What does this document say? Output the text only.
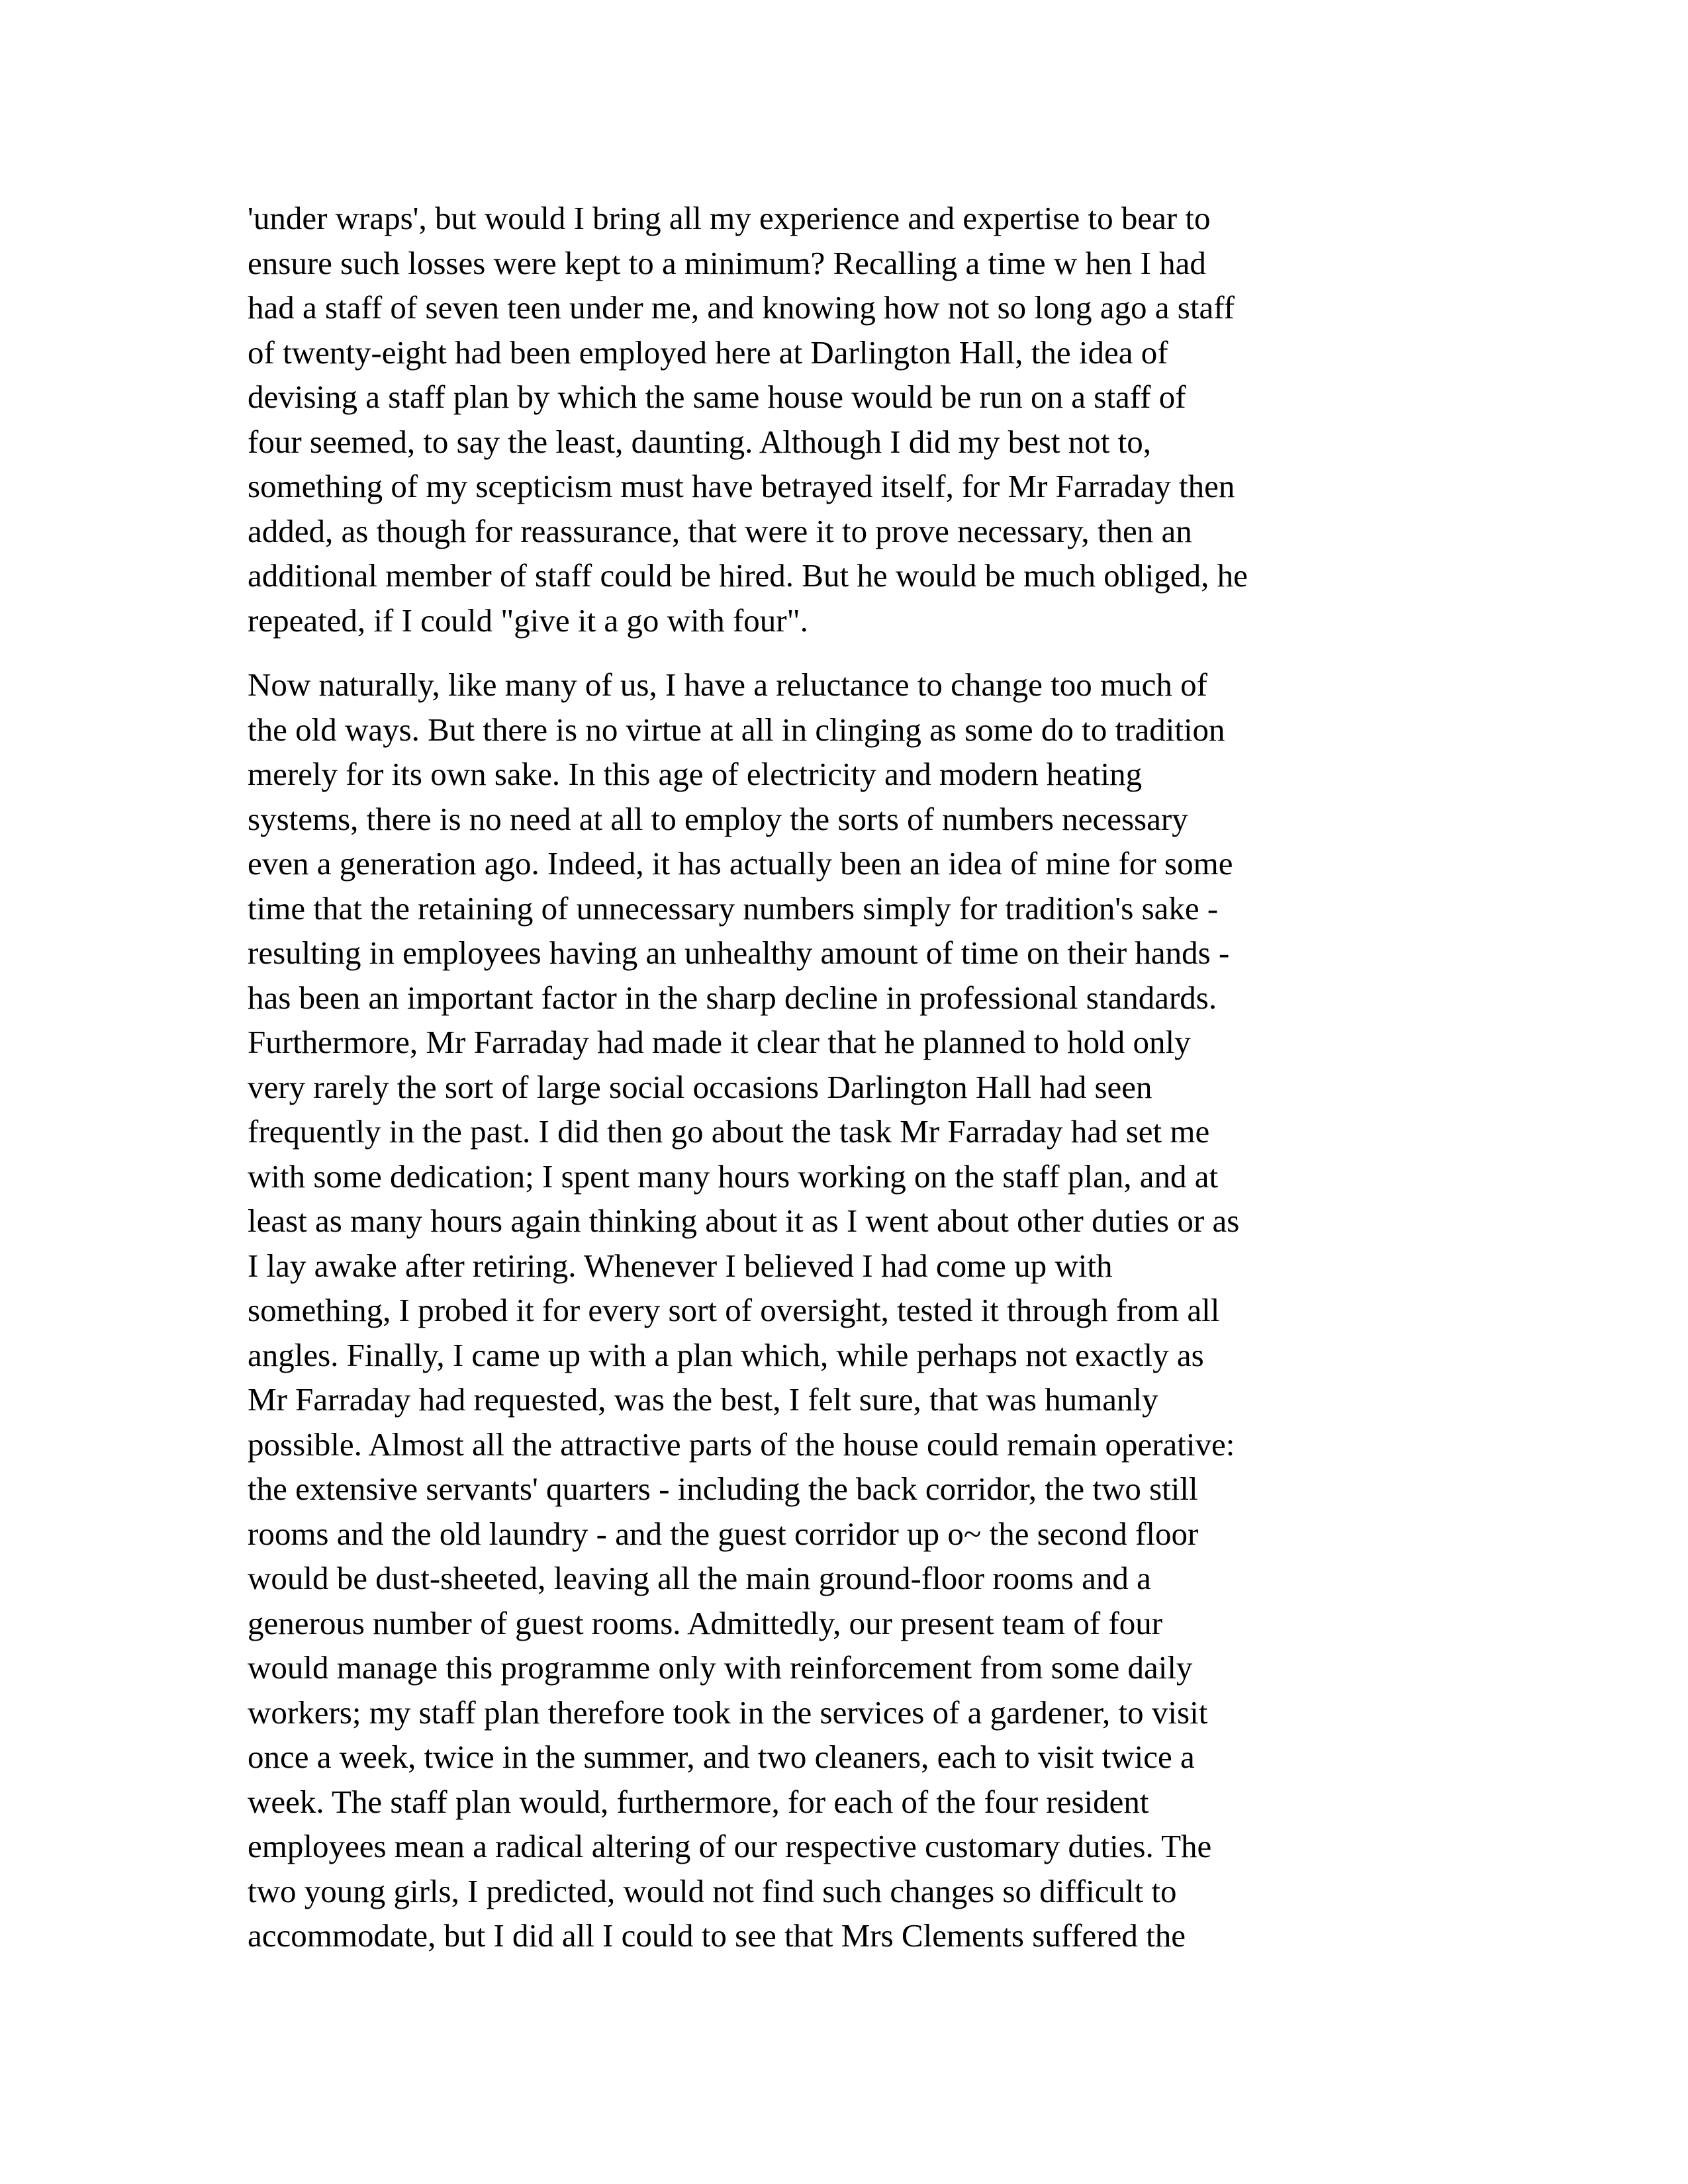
'under wraps', but would I bring all my experience and expertise to bear to
ensure such losses were kept to a minimum? Recalling a time w hen I had
had a staff of seven teen under me, and knowing how not so long ago a staff
of twenty-eight had been employed here at Darlington Hall, the idea of
devising a staff plan by which the same house would be run on a staff of
four seemed, to say the least, daunting. Although I did my best not to,
something of my scepticism must have betrayed itself, for Mr Farraday then
added, as though for reassurance, that were it to prove necessary, then an
additional member of staff could be hired. But he would be much obliged, he
repeated, if I could "give it a go with four".
Now naturally, like many of us, I have a reluctance to change too much of
the old ways. But there is no virtue at all in clinging as some do to tradition
merely for its own sake. In this age of electricity and modern heating
systems, there is no need at all to employ the sorts of numbers necessary
even a generation ago. Indeed, it has actually been an idea of mine for some
time that the retaining of unnecessary numbers simply for tradition's sake -
resulting in employees having an unhealthy amount of time on their hands -
has been an important factor in the sharp decline in professional standards.
Furthermore, Mr Farraday had made it clear that he planned to hold only
very rarely the sort of large social occasions Darlington Hall had seen
frequently in the past. I did then go about the task Mr Farraday had set me
with some dedication; I spent many hours working on the staff plan, and at
least as many hours again thinking about it as I went about other duties or as
I lay awake after retiring. Whenever I believed I had come up with
something, I probed it for every sort of oversight, tested it through from all
angles. Finally, I came up with a plan which, while perhaps not exactly as
Mr Farraday had requested, was the best, I felt sure, that was humanly
possible. Almost all the attractive parts of the house could remain operative:
the extensive servants' quarters - including the back corridor, the two still
rooms and the old laundry - and the guest corridor up o~ the second floor
would be dust-sheeted, leaving all the main ground-floor rooms and a
generous number of guest rooms. Admittedly, our present team of four
would manage this programme only with reinforcement from some daily
workers; my staff plan therefore took in the services of a gardener, to visit
once a week, twice in the summer, and two cleaners, each to visit twice a
week. The staff plan would, furthermore, for each of the four resident
employees mean a radical altering of our respective customary duties. The
two young girls, I predicted, would not find such changes so difficult to
accommodate, but I did all I could to see that Mrs Clements suffered the
